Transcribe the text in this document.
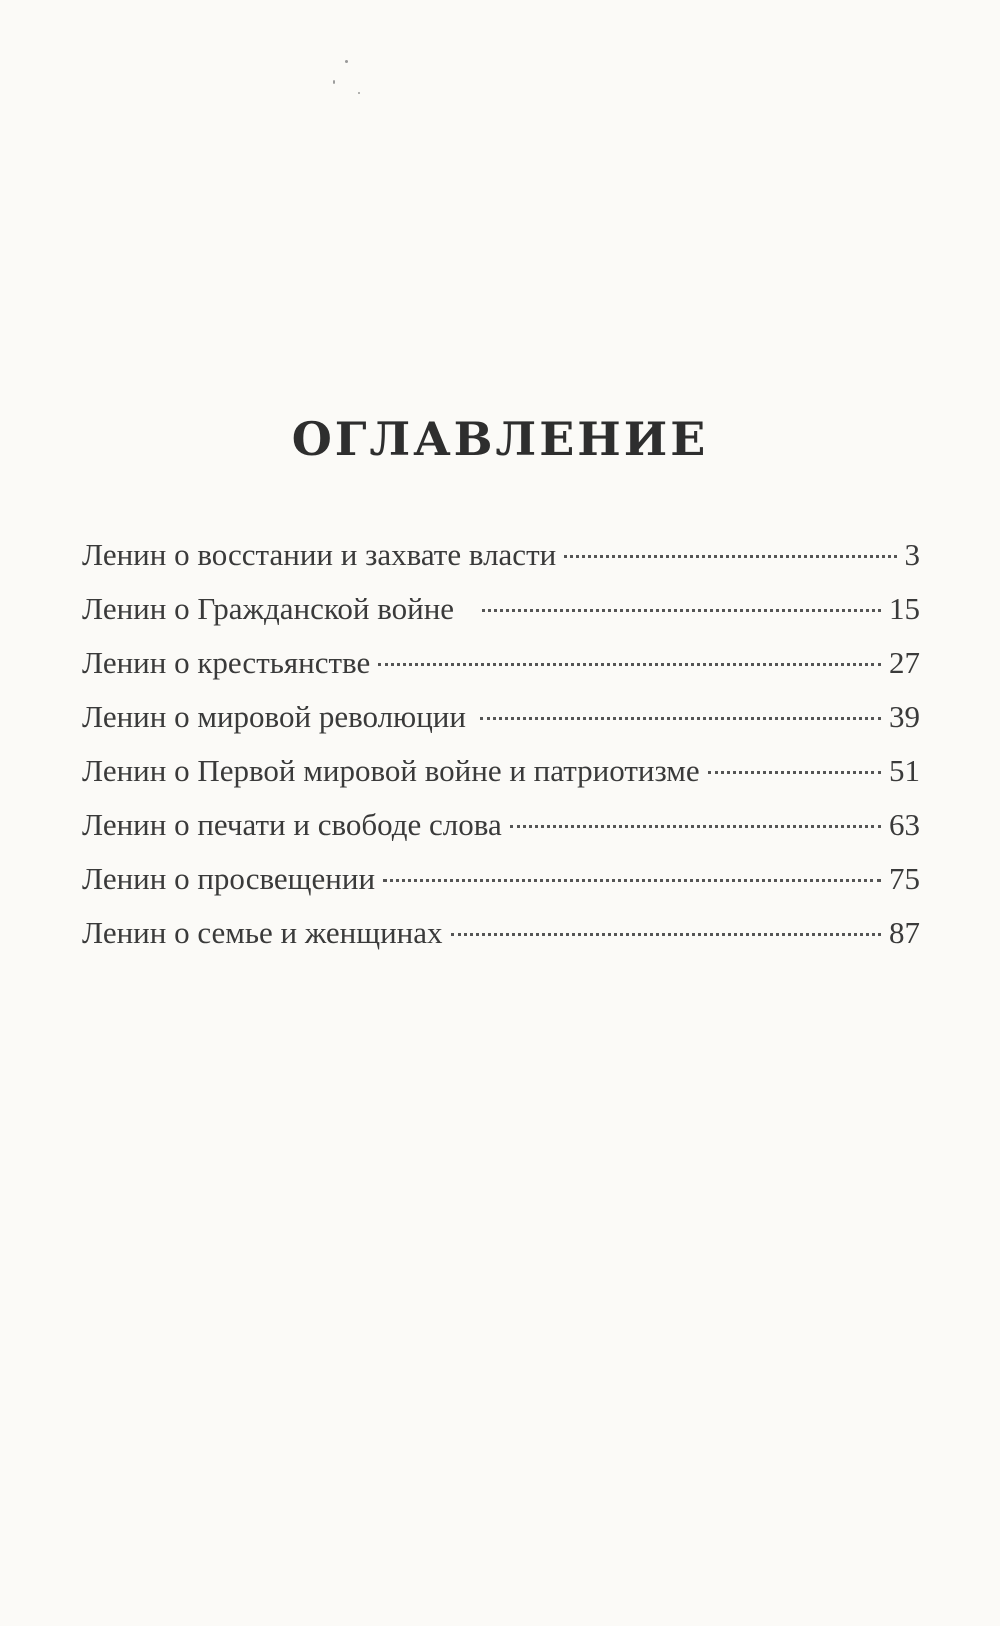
ОГЛАВЛЕНИЕ
Ленин о восстании и захвате власти	3
Ленин о Гражданской войне	15
Ленин о крестьянстве	27
Ленин о мировой революции	39
Ленин о Первой мировой войне и патриотизме	51
Ленин о печати и свободе слова	63
Ленин о просвещении	75
Ленин о семье и женщинах	87
